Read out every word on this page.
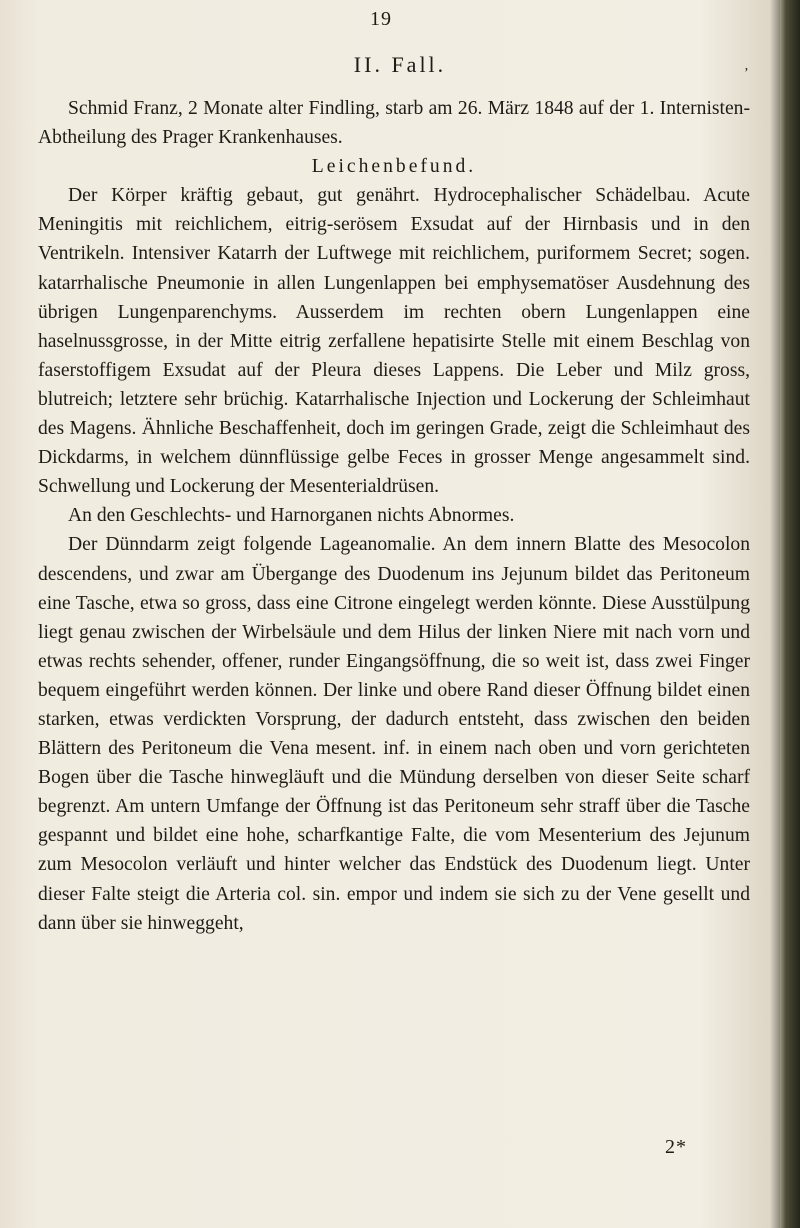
19
II. Fall.	ʼ

Schmid Franz, 2 Monate alter Findling, starb am 26. März 1848 auf der 1. Internisten-Abtheilung des Prager Krankenhauses.

Leichenbefund.

Der Körper kräftig gebaut, gut genährt. Hydrocephalischer Schädelbau. Acute Meningitis mit reichlichem, eitrig-serösem Exsudat auf der Hirnbasis und in den Ventrikeln. Intensiver Katarrh der Luftwege mit reichlichem, puriformem Secret; sogen. katarrhalische Pneumonie in allen Lungenlappen bei emphysematöser Ausdehnung des übrigen Lungenparenchyms. Ausserdem im rechten obern Lungenlappen eine haselnussgrosse, in der Mitte eitrig zerfallene hepatisirte Stelle mit einem Beschlag von faserstoffigem Exsudat auf der Pleura dieses Lappens. Die Leber und Milz gross, blutreich; letztere sehr brüchig. Katarrhalische Injection und Lockerung der Schleimhaut des Magens. Ähnliche Beschaffenheit, doch im geringen Grade, zeigt die Schleimhaut des Dickdarms, in welchem dünnflüssige gelbe Feces in grosser Menge angesammelt sind. Schwellung und Lockerung der Mesenterialdrüsen.

An den Geschlechts- und Harnorganen nichts Abnormes.

Der Dünndarm zeigt folgende Lageanomalie. An dem innern Blatte des Mesocolon descendens, und zwar am Übergange des Duodenum ins Jejunum bildet das Peritoneum eine Tasche, etwa so gross, dass eine Citrone eingelegt werden könnte. Diese Ausstülpung liegt genau zwischen der Wirbelsäule und dem Hilus der linken Niere mit nach vorn und etwas rechts sehender, offener, runder Eingangsöffnung, die so weit ist, dass zwei Finger bequem eingeführt werden können. Der linke und obere Rand dieser Öffnung bildet einen starken, etwas verdickten Vorsprung, der dadurch entsteht, dass zwischen den beiden Blättern des Peritoneum die Vena mesent. inf. in einem nach oben und vorn gerichteten Bogen über die Tasche hinwegläuft und die Mündung derselben von dieser Seite scharf begrenzt. Am untern Umfange der Öffnung ist das Peritoneum sehr straff über die Tasche gespannt und bildet eine hohe, scharfkantige Falte, die vom Mesenterium des Jejunum zum Mesocolon verläuft und hinter welcher das Endstück des Duodenum liegt. Unter dieser Falte steigt die Arteria col. sin. empor und indem sie sich zu der Vene gesellt und dann über sie hinweggeht,

2*
